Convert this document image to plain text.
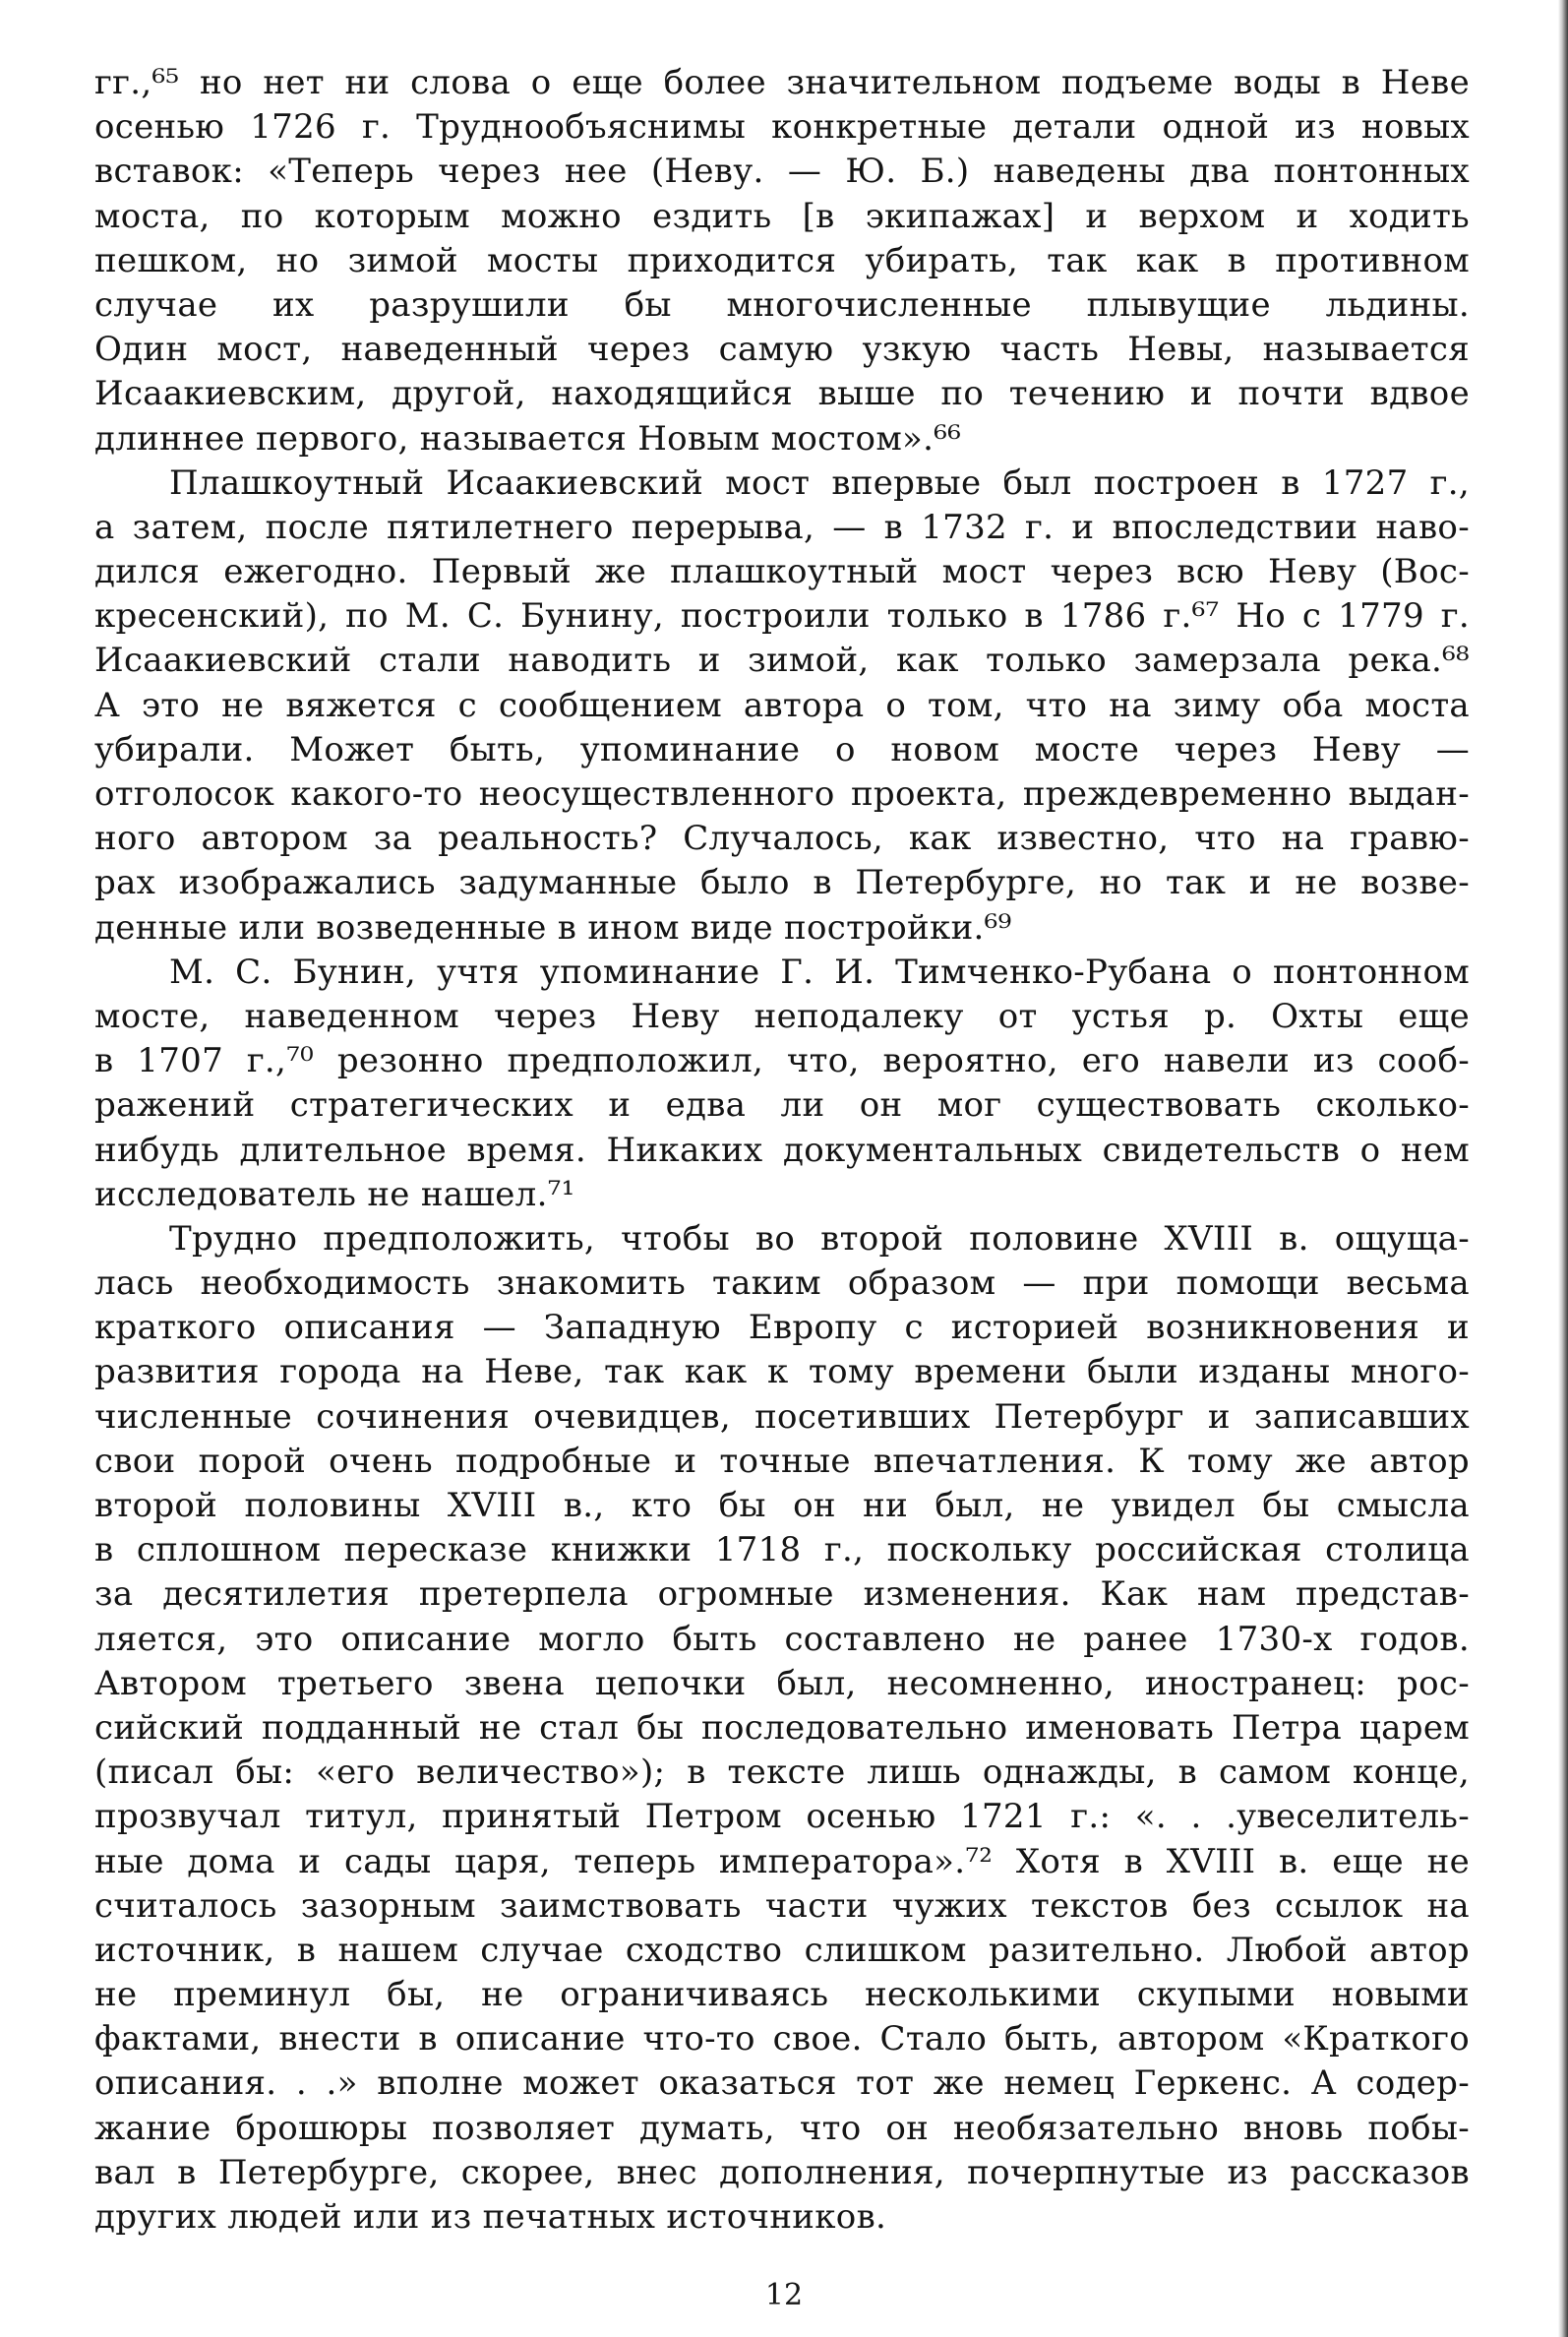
гг.,⁶⁵ но нет ни слова о еще более значительном подъеме воды в Неве
осенью 1726 г. Труднообъяснимы конкретные детали одной из новых
вставок: «Теперь через нее (Неву. — Ю. Б.) наведены два понтонных
моста, по которым можно ездить [в экипажах] и верхом и ходить
пешком, но зимой мосты приходится убирать, так как в противном
случае их разрушили бы многочисленные плывущие льдины.
Один мост, наведенный через самую узкую часть Невы, называется
Исаакиевским, другой, находящийся выше по течению и почти вдвое
длиннее первого, называется Новым мостом».⁶⁶
Плашкоутный Исаакиевский мост впервые был построен в 1727 г.,
а затем, после пятилетнего перерыва, — в 1732 г. и впоследствии наво-
дился ежегодно. Первый же плашкоутный мост через всю Неву (Вос-
кресенский), по М. С. Бунину, построили только в 1786 г.⁶⁷ Но с 1779 г.
Исаакиевский стали наводить и зимой, как только замерзала река.⁶⁸
А это не вяжется с сообщением автора о том, что на зиму оба моста
убирали. Может быть, упоминание о новом мосте через Неву —
отголосок какого-то неосуществленного проекта, преждевременно выдан-
ного автором за реальность? Случалось, как известно, что на гравю-
рах изображались задуманные было в Петербурге, но так и не возве-
денные или возведенные в ином виде постройки.⁶⁹
М. С. Бунин, учтя упоминание Г. И. Тимченко-Рубана о понтонном
мосте, наведенном через Неву неподалеку от устья р. Охты еще
в 1707 г.,⁷⁰ резонно предположил, что, вероятно, его навели из сооб-
ражений стратегических и едва ли он мог существовать сколько-
нибудь длительное время. Никаких документальных свидетельств о нем
исследователь не нашел.⁷¹
Трудно предположить, чтобы во второй половине XVIII в. ощуща-
лась необходимость знакомить таким образом — при помощи весьма
краткого описания — Западную Европу с историей возникновения и
развития города на Неве, так как к тому времени были изданы много-
численные сочинения очевидцев, посетивших Петербург и записавших
свои порой очень подробные и точные впечатления. К тому же автор
второй половины XVIII в., кто бы он ни был, не увидел бы смысла
в сплошном пересказе книжки 1718 г., поскольку российская столица
за десятилетия претерпела огромные изменения. Как нам представ-
ляется, это описание могло быть составлено не ранее 1730-х годов.
Автором третьего звена цепочки был, несомненно, иностранец: рос-
сийский подданный не стал бы последовательно именовать Петра царем
(писал бы: «его величество»); в тексте лишь однажды, в самом конце,
прозвучал титул, принятый Петром осенью 1721 г.: «. . .увеселитель-
ные дома и сады царя, теперь императора».⁷² Хотя в XVIII в. еще не
считалось зазорным заимствовать части чужих текстов без ссылок на
источник, в нашем случае сходство слишком разительно. Любой автор
не преминул бы, не ограничиваясь несколькими скупыми новыми
фактами, внести в описание что-то свое. Стало быть, автором «Краткого
описания. . .» вполне может оказаться тот же немец Геркенс. А содер-
жание брошюры позволяет думать, что он необязательно вновь побы-
вал в Петербурге, скорее, внес дополнения, почерпнутые из рассказов
других людей или из печатных источников.
12
